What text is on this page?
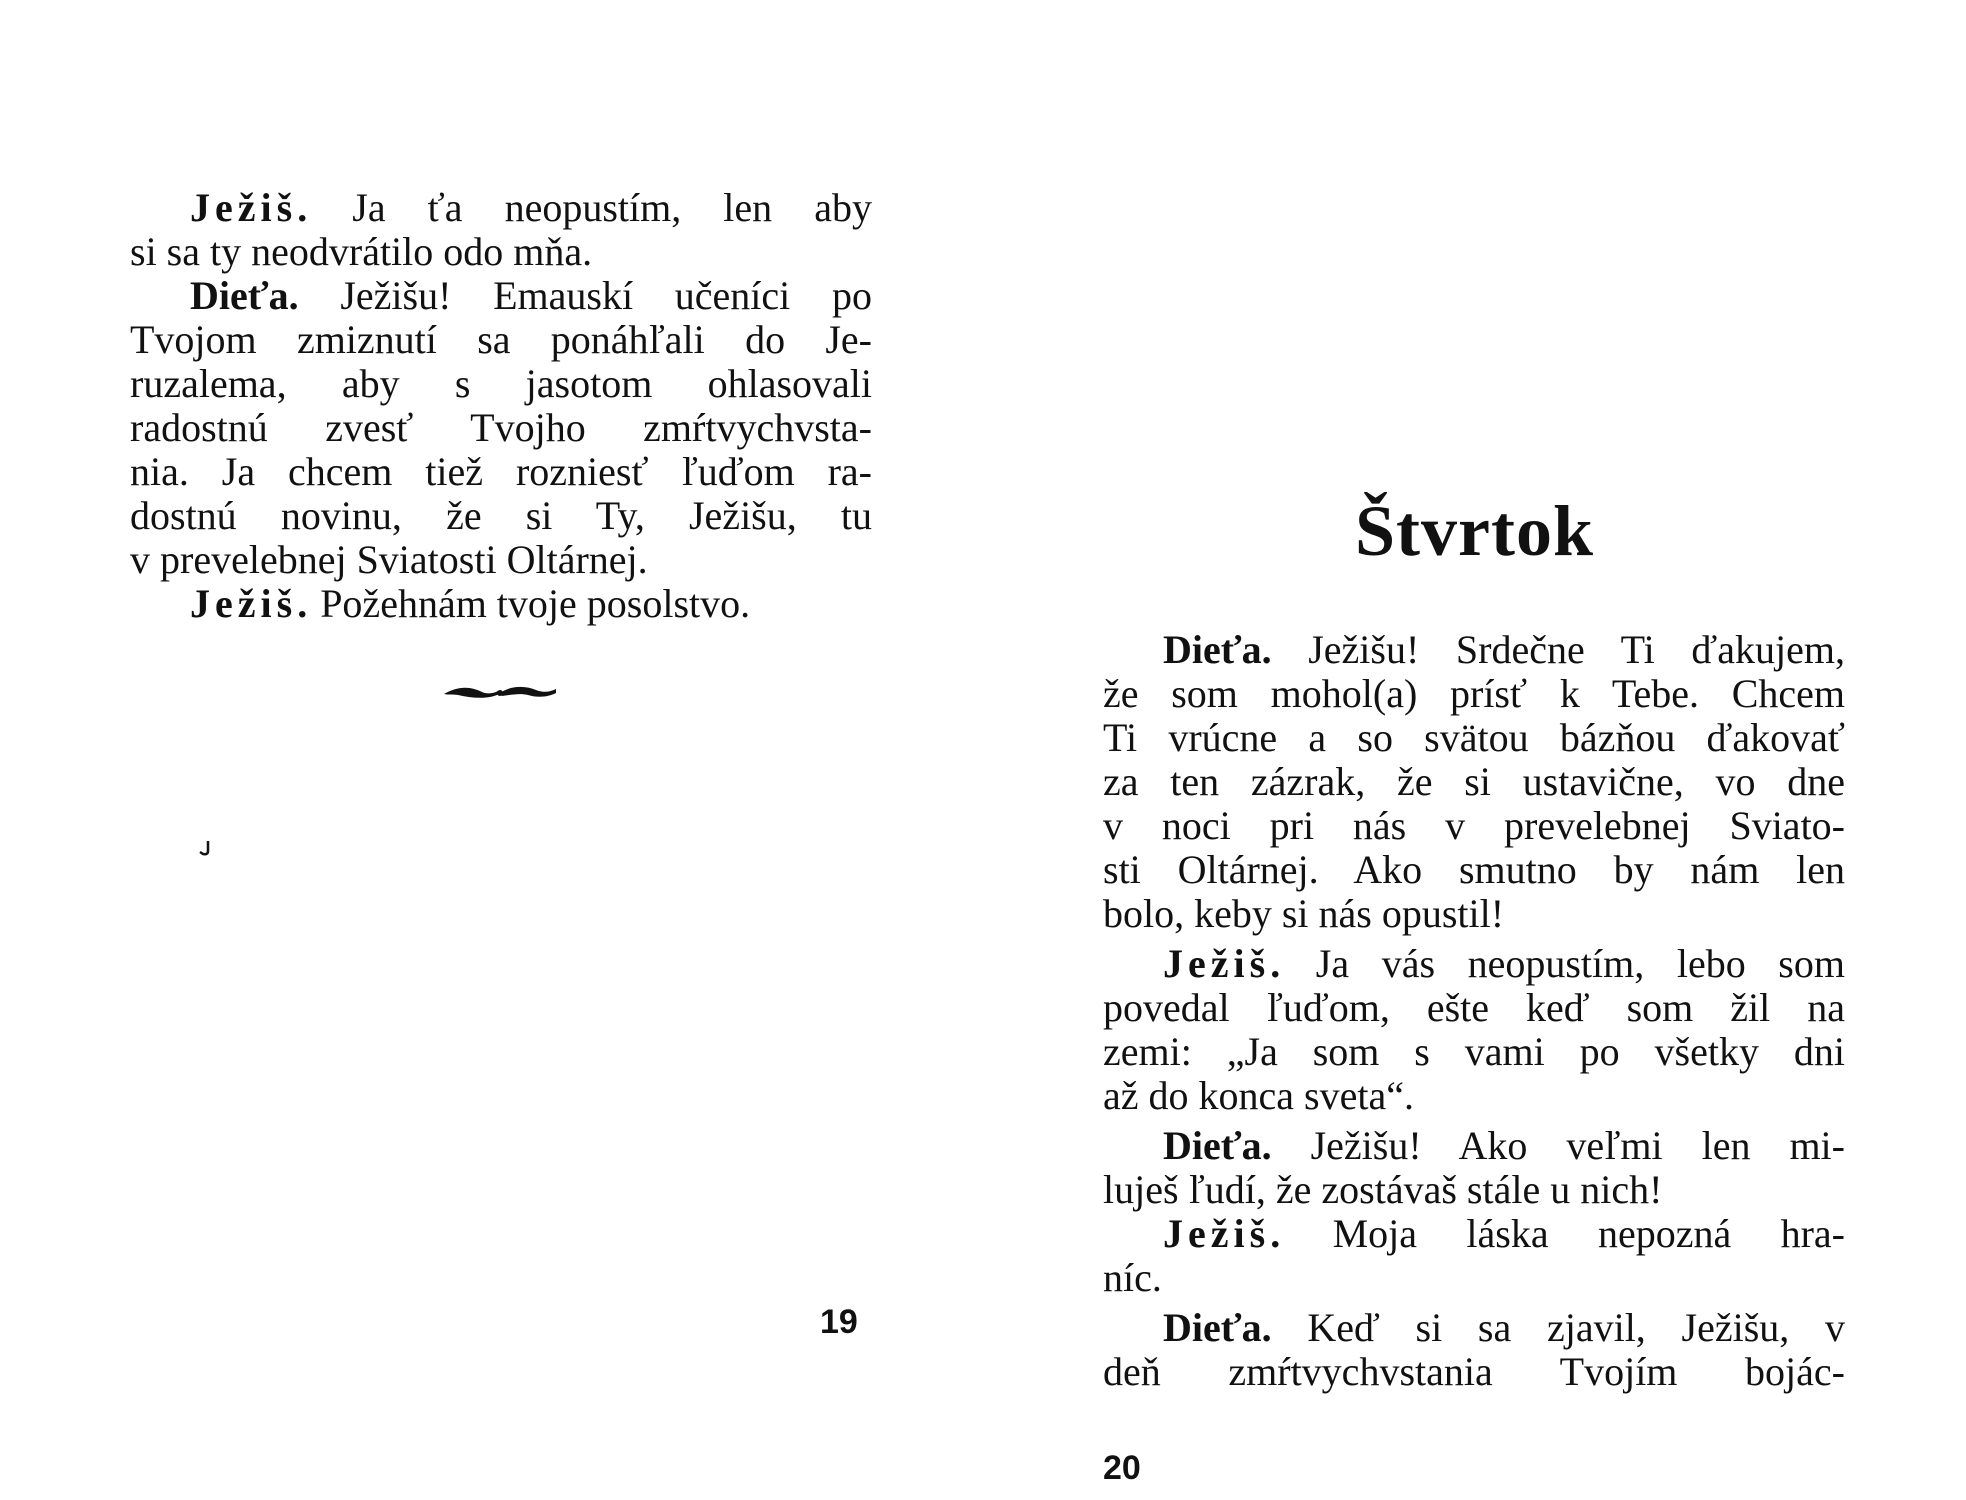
Ježiš. Ja ťa neopustím, len aby
si sa ty neodvrátilo odo mňa.
Dieťa. Ježišu! Emauskí učeníci po
Tvojom zmiznutí sa ponáhľali do Je-
ruzalema, aby s jasotom ohlasovali
radostnú zvesť Tvojho zmŕtvychvsta-
nia. Ja chcem tiež rozniesť ľuďom ra-
dostnú novinu, že si Ty, Ježišu, tu
v prevelebnej Sviatosti Oltárnej.
Ježiš. Požehnám tvoje posolstvo.
19
Štvrtok
Dieťa. Ježišu! Srdečne Ti ďakujem,
že som mohol(a) prísť k Tebe. Chcem
Ti vrúcne a so svätou bázňou ďakovať
za ten zázrak, že si ustavične, vo dne
v noci pri nás v prevelebnej Sviato-
sti Oltárnej. Ako smutno by nám len
bolo, keby si nás opustil!
Ježiš. Ja vás neopustím, lebo som
povedal ľuďom, ešte keď som žil na
zemi: „Ja som s vami po všetky dni
až do konca sveta“.
Dieťa. Ježišu! Ako veľmi len mi-
luješ ľudí, že zostávaš stále u nich!
Ježiš. Moja láska nepozná hra-
níc.
Dieťa. Keď si sa zjavil, Ježišu, v
deň zmŕtvychvstania Tvojím bojác-
20
